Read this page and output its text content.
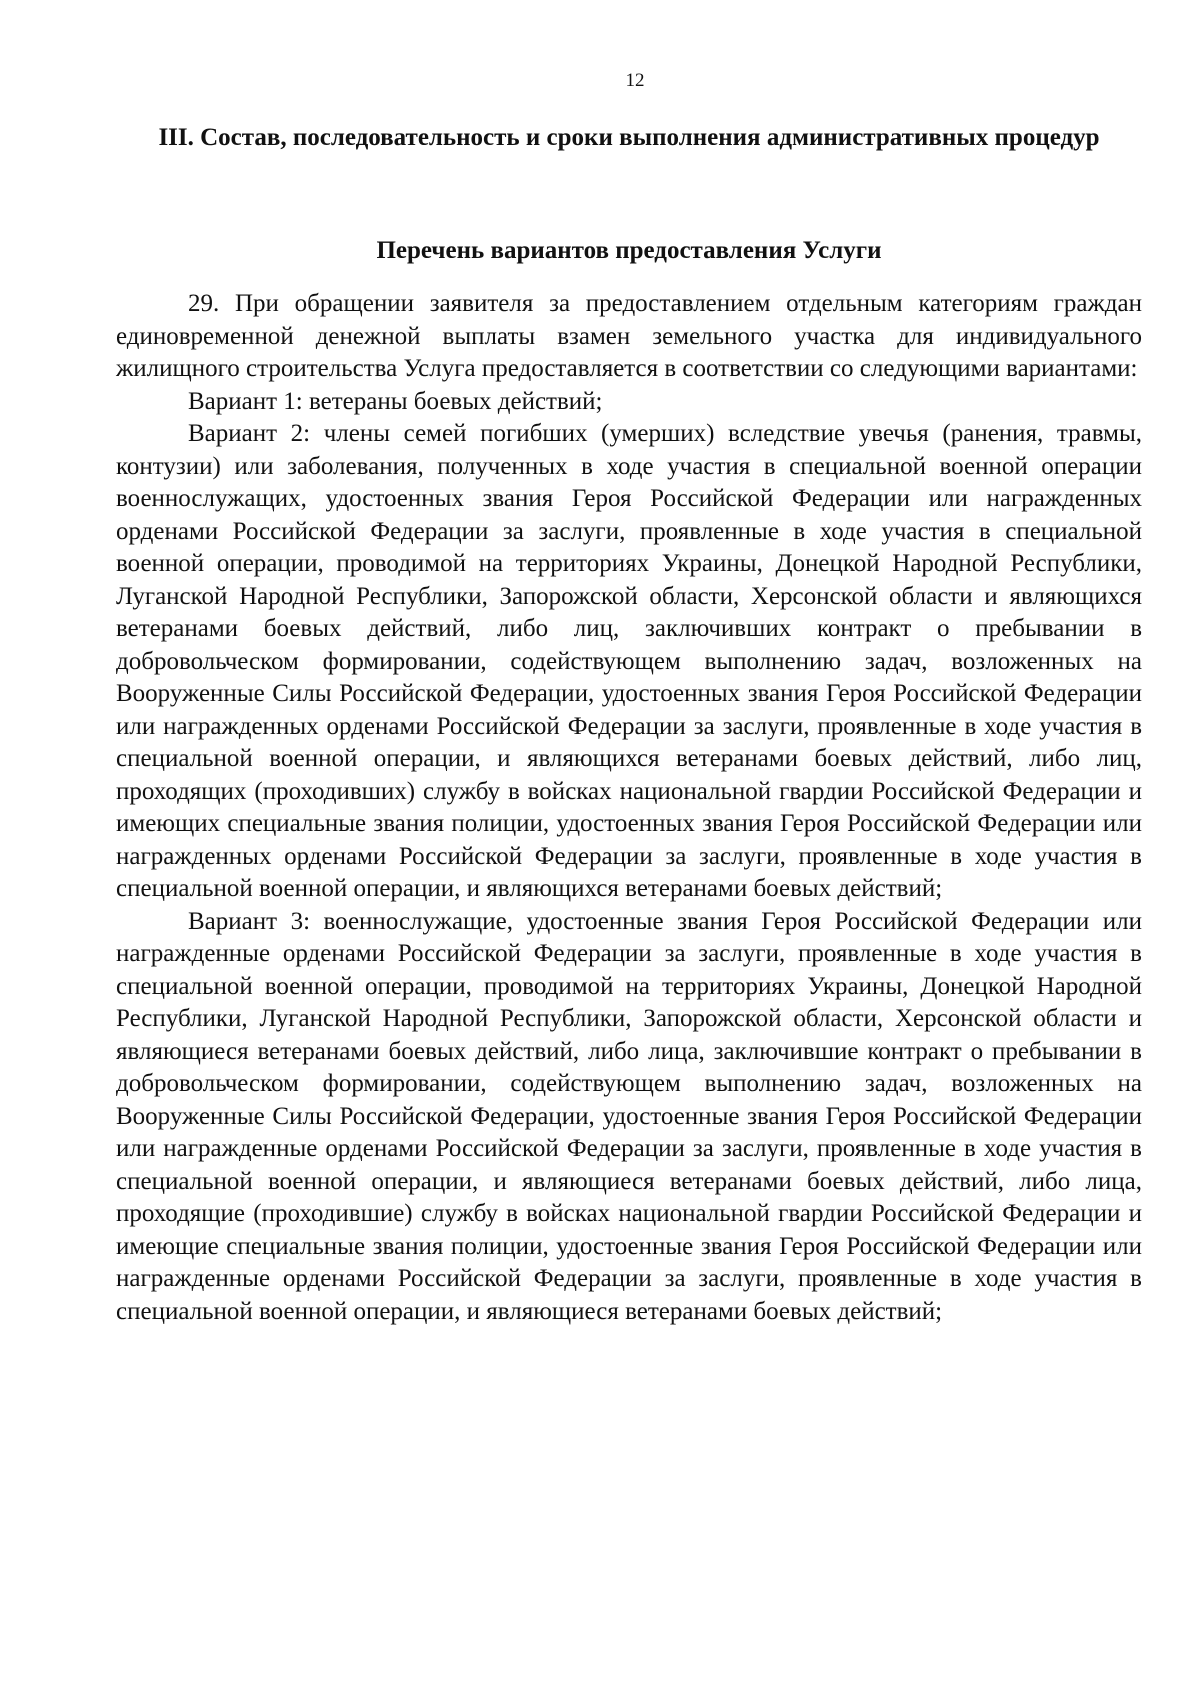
12
III. Состав, последовательность и сроки выполнения административных процедур
Перечень вариантов предоставления Услуги

29. При обращении заявителя за предоставлением отдельным категориям граждан единовременной денежной выплаты взамен земельного участка для индивидуального жилищного строительства Услуга предоставляется в соответствии со следующими вариантами:

Вариант 1: ветераны боевых действий;

Вариант 2: члены семей погибших (умерших) вследствие увечья (ранения, травмы, контузии) или заболевания, полученных в ходе участия в специальной военной операции военнослужащих, удостоенных звания Героя Российской Федерации или награжденных орденами Российской Федерации за заслуги, проявленные в ходе участия в специальной военной операции, проводимой на территориях Украины, Донецкой Народной Республики, Луганской Народной Республики, Запорожской области, Херсонской области и являющихся ветеранами боевых действий, либо лиц, заключивших контракт о пребывании в добровольческом формировании, содействующем выполнению задач, возложенных на Вооруженные Силы Российской Федерации, удостоенных звания Героя Российской Федерации или награжденных орденами Российской Федерации за заслуги, проявленные в ходе участия в специальной военной операции, и являющихся ветеранами боевых действий, либо лиц, проходящих (проходивших) службу в войсках национальной гвардии Российской Федерации и имеющих специальные звания полиции, удостоенных звания Героя Российской Федерации или награжденных орденами Российской Федерации за заслуги, проявленные в ходе участия в специальной военной операции, и являющихся ветеранами боевых действий;

Вариант 3: военнослужащие, удостоенные звания Героя Российской Федерации или награжденные орденами Российской Федерации за заслуги, проявленные в ходе участия в специальной военной операции, проводимой на территориях Украины, Донецкой Народной Республики, Луганской Народной Республики, Запорожской области, Херсонской области и являющиеся ветеранами боевых действий, либо лица, заключившие контракт о пребывании в добровольческом формировании, содействующем выполнению задач, возложенных на Вооруженные Силы Российской Федерации, удостоенные звания Героя Российской Федерации или награжденные орденами Российской Федерации за заслуги, проявленные в ходе участия в специальной военной операции, и являющиеся ветеранами боевых действий, либо лица, проходящие (проходившие) службу в войсках национальной гвардии Российской Федерации и имеющие специальные звания полиции, удостоенные звания Героя Российской Федерации или награжденные орденами Российской Федерации за заслуги, проявленные в ходе участия в специальной военной операции, и являющиеся ветеранами боевых действий;
